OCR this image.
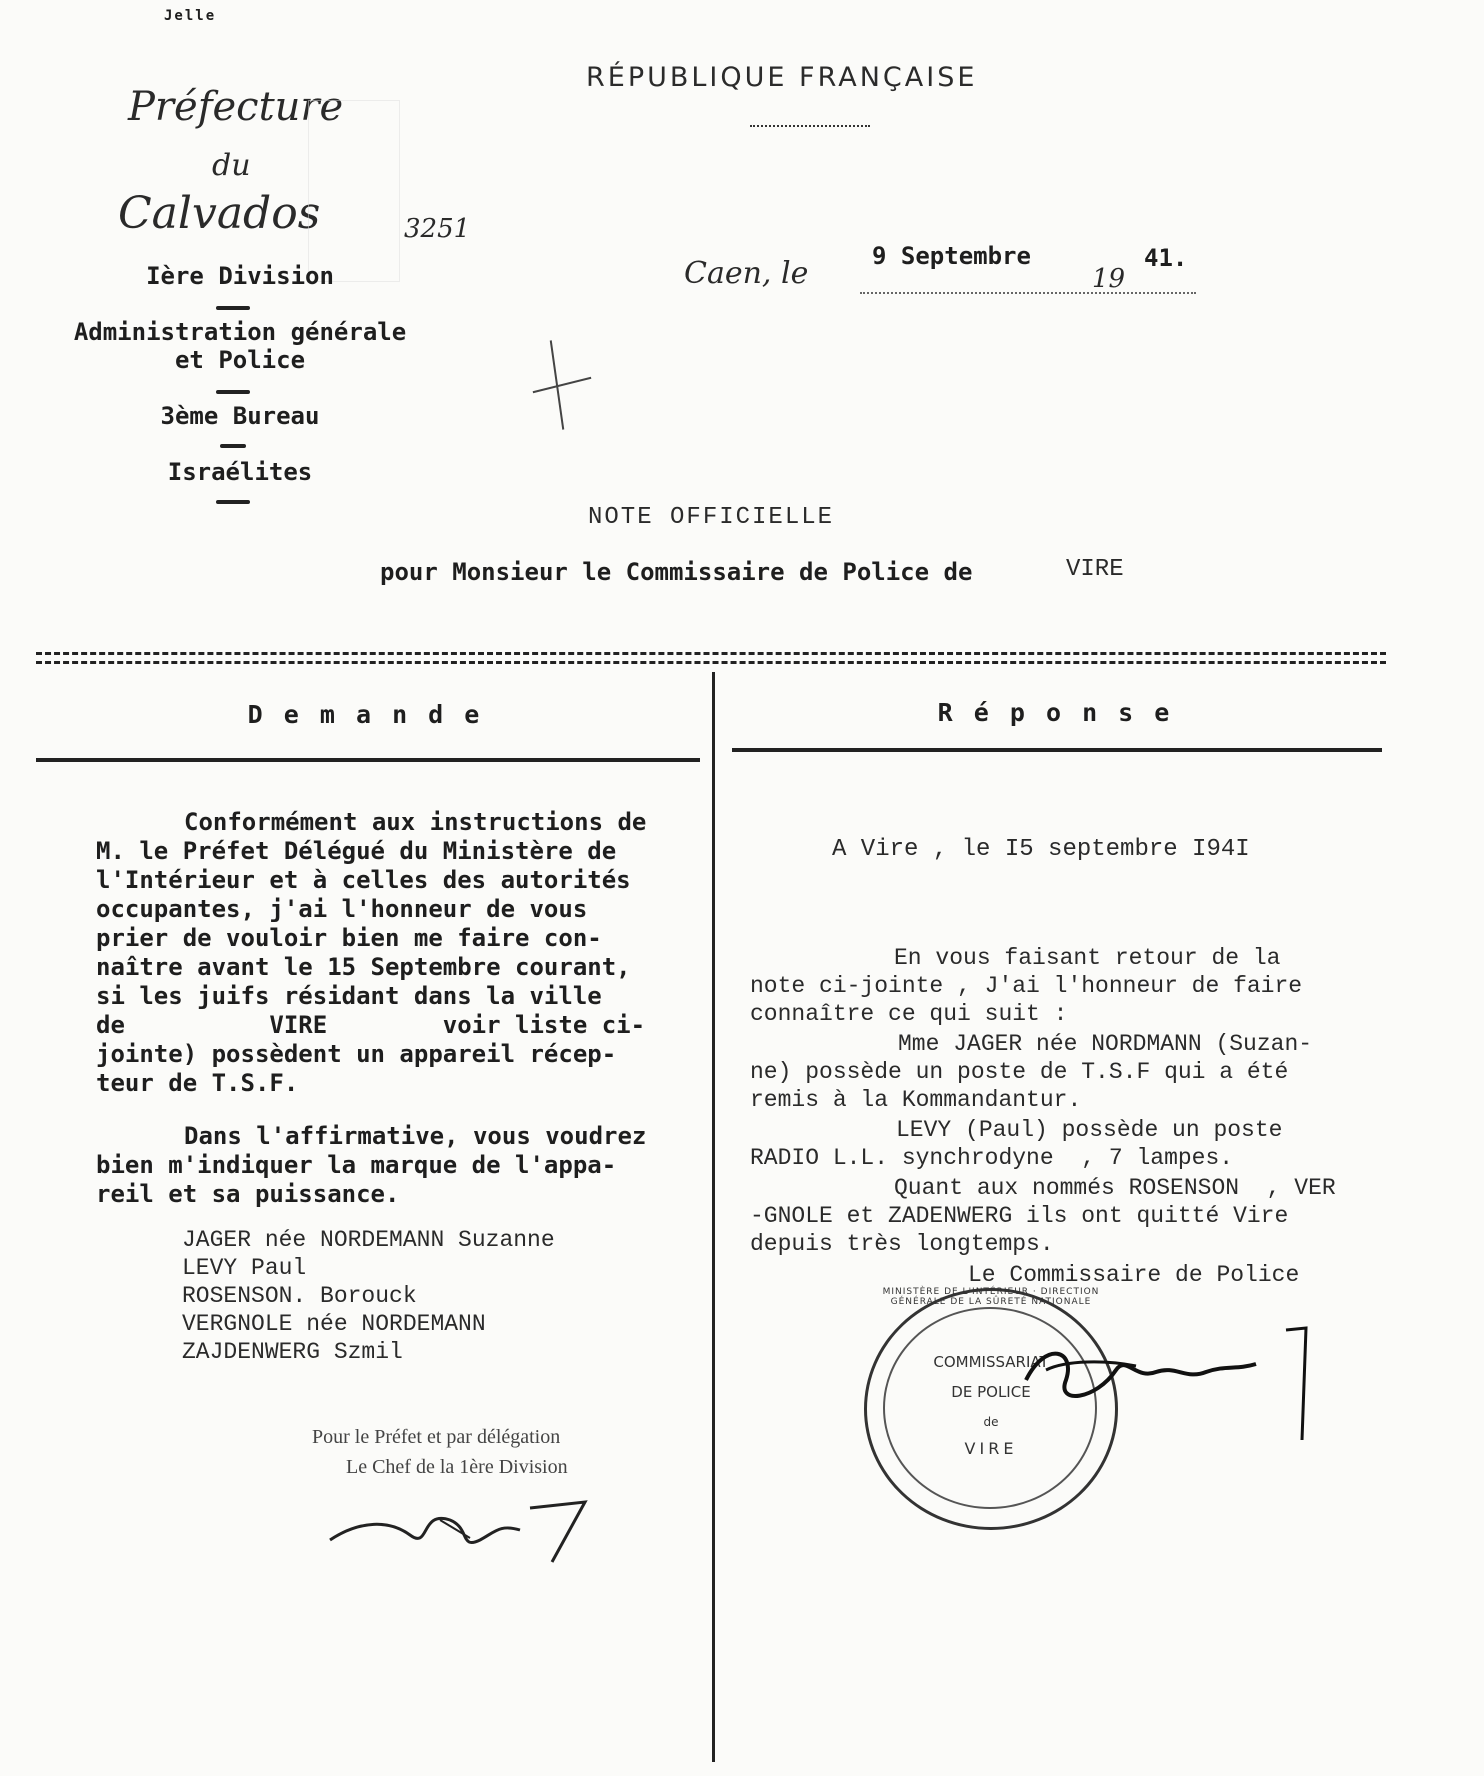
Jelle
RÉPUBLIQUE FRANÇAISE
Préfecture
du
Calvados	3251
Ière Division
Administration générale
et Police
3ème Bureau
Israélites
Caen, le	9 Septembre
19
41.
NOTE OFFICIELLE
pour Monsieur le Commissaire de Police de	VIRE
D e m a n d e	R é p o n s e
Conformément aux instructions de
M. le Préfet Délégué du Ministère de
l'Intérieur et à celles des autorités
occupantes, j'ai l'honneur de vous
prier de vouloir bien me faire con-
naître avant le 15 Septembre courant,
si les juifs résidant dans la ville
de          VIRE        voir liste ci-
jointe) possèdent un appareil récep-
teur de T.S.F.
Dans l'affirmative, vous voudrez
bien m'indiquer la marque de l'appa-
reil et sa puissance.
JAGER née NORDEMANN Suzanne
LEVY Paul
ROSENSON. Borouck
VERGNOLE née NORDEMANN
ZAJDENWERG Szmil
Pour le Préfet et par délégation
Le Chef de la 1ère Division
A Vire , le I5 septembre I94I
En vous faisant retour de la
note ci-jointe , J'ai l'honneur de faire
connaître ce qui suit :
Mme JAGER née NORDMANN (Suzan-
ne) possède un poste de T.S.F qui a été
remis à la Kommandantur.
LEVY (Paul) possède un poste
RADIO L.L. synchrodyne  , 7 lampes.
Quant aux nommés ROSENSON  , VER
-GNOLE et ZADENWERG ils ont quitté Vire
depuis très longtemps.
Le Commissaire de Police
MINISTÈRE DE L'INTÉRIEUR · DIRECTION GÉNÉRALE DE LA SÛRETÉ NATIONALE
COMMISSARIAT
DE POLICE
de
VIRE
